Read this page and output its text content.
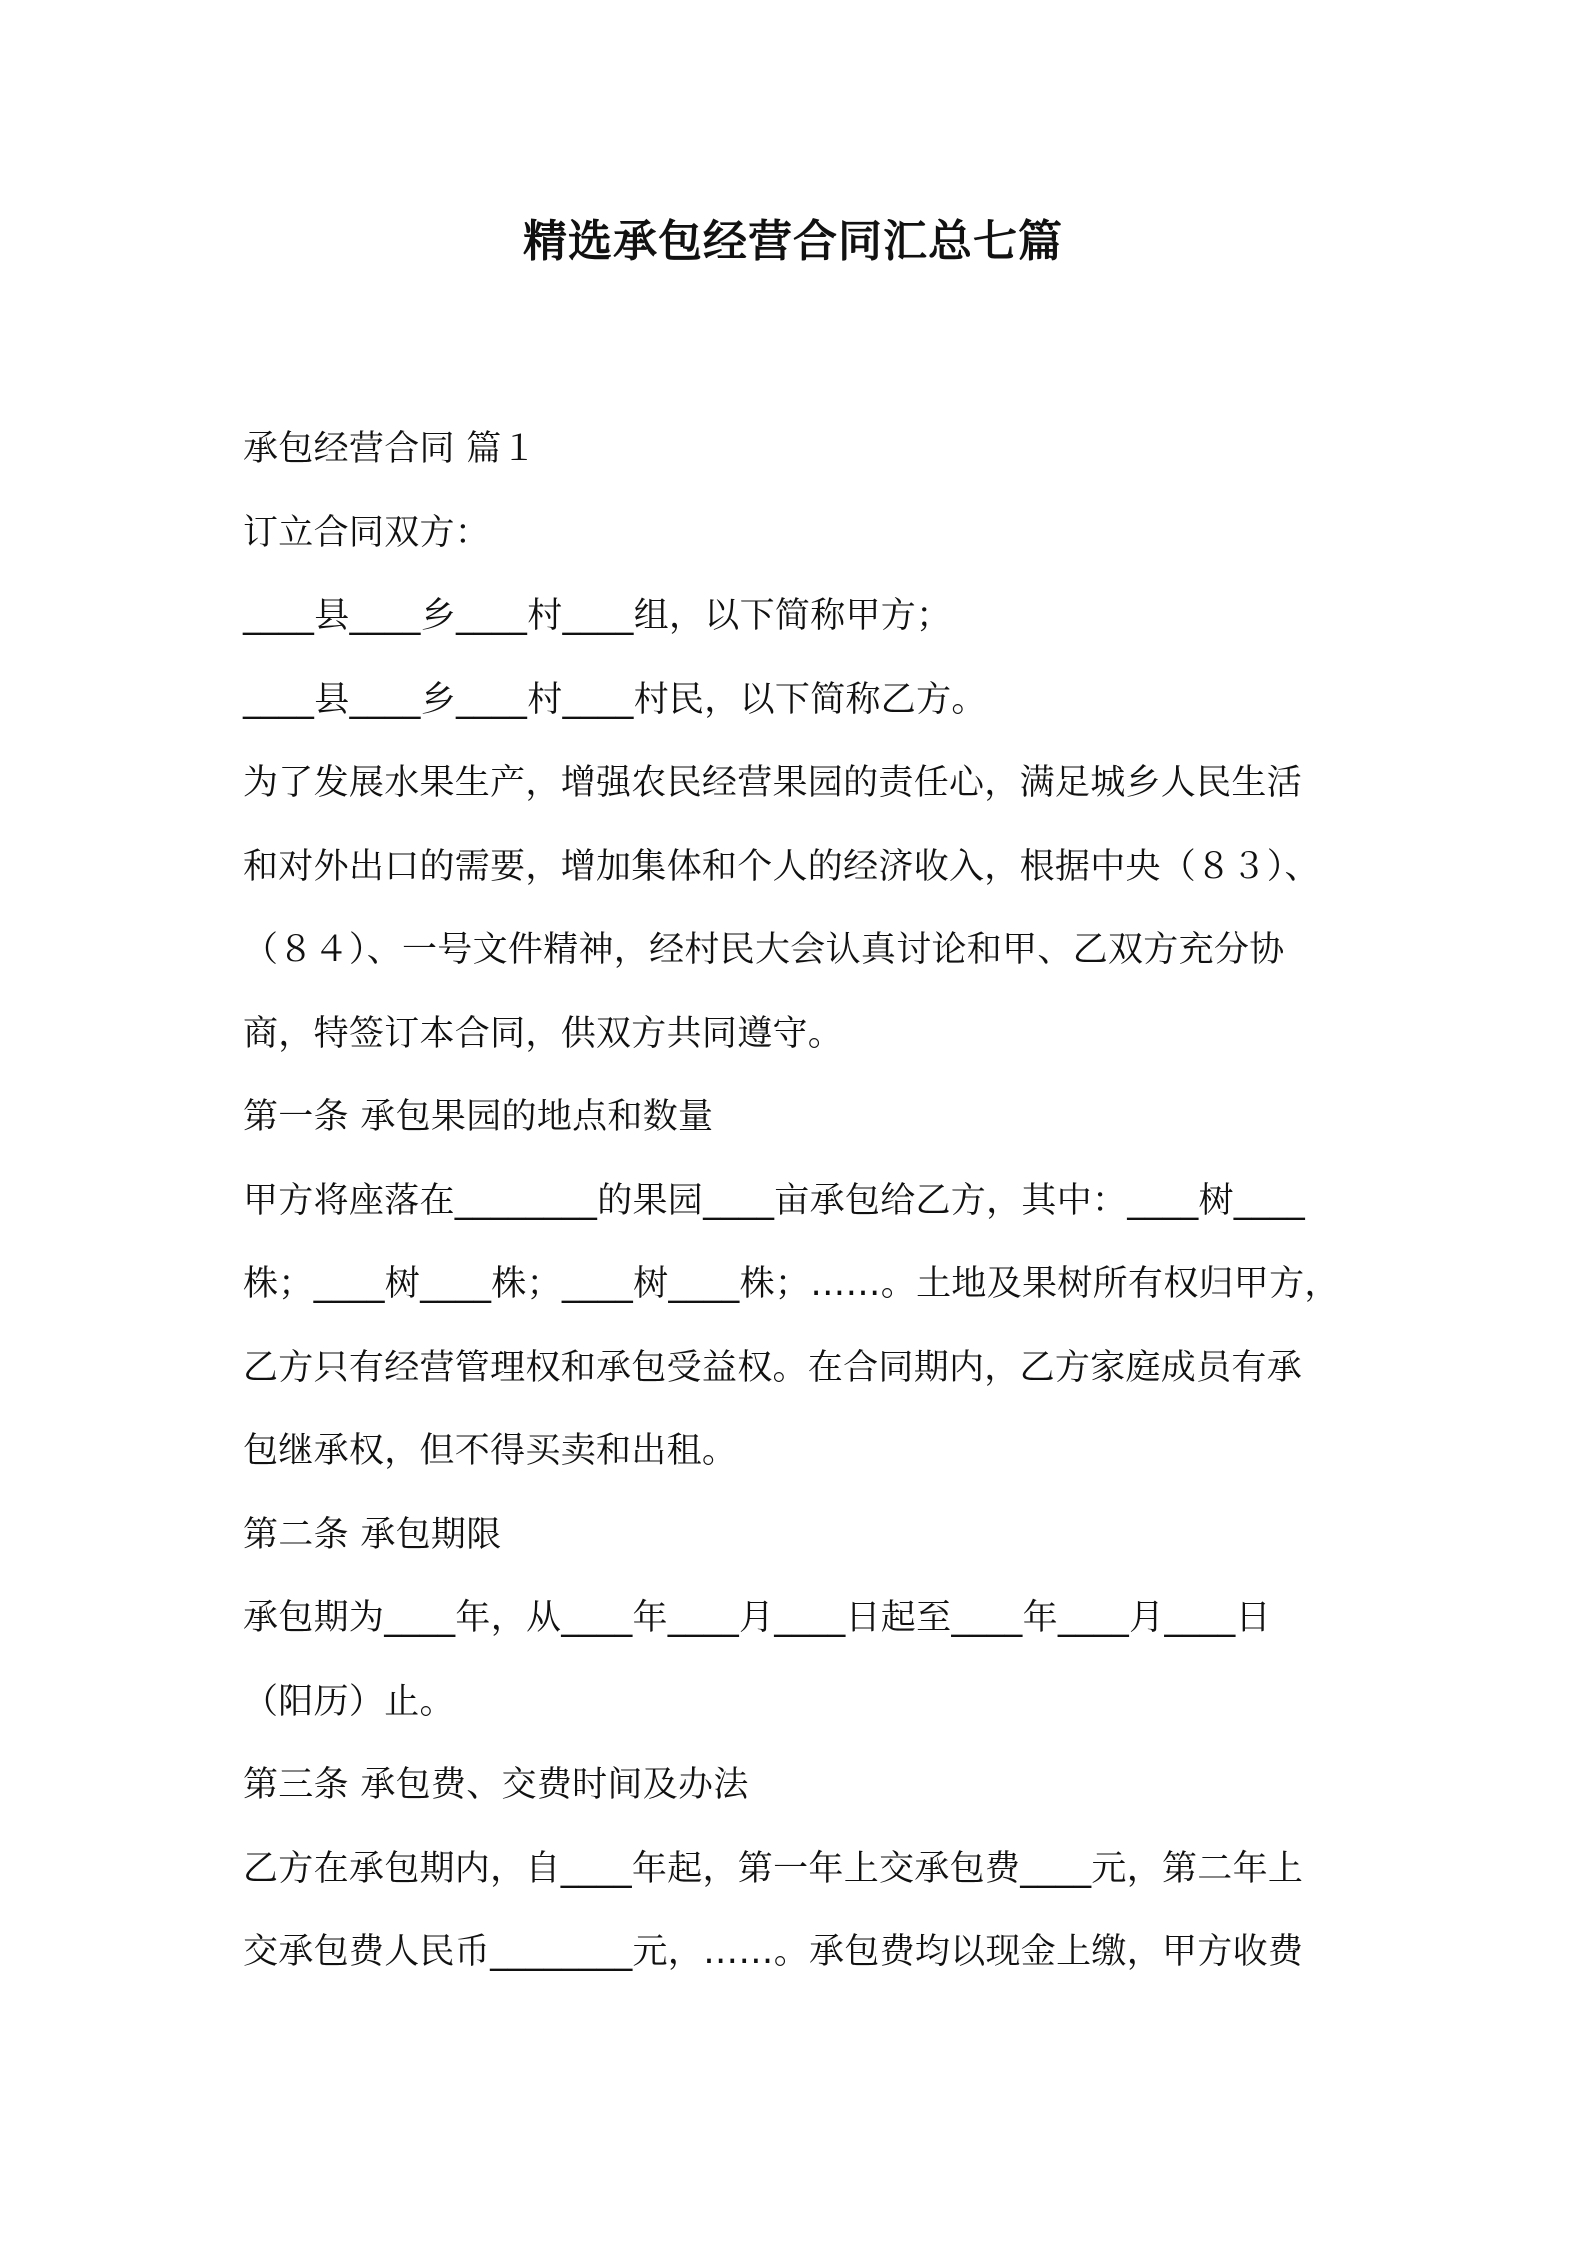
精选承包经营合同汇总七篇

承包经营合同 篇１

订立合同双方：

____县____乡____村____组，以下简称甲方；

____县____乡____村____村民，以下简称乙方。

为了发展水果生产，增强农民经营果园的责任心，满足城乡人民生活

和对外出口的需要，增加集体和个人的经济收入，根据中央（８３）、

（８４）、一号文件精神，经村民大会认真讨论和甲、乙双方充分协

商，特签订本合同，供双方共同遵守。

第一条 承包果园的地点和数量

甲方将座落在________的果园____亩承包给乙方，其中：____树____

株；____树____株；____树____株；……。土地及果树所有权归甲方，

乙方只有经营管理权和承包受益权。在合同期内，乙方家庭成员有承

包继承权，但不得买卖和出租。

第二条 承包期限

承包期为____年，从____年____月____日起至____年____月____日

（阳历）止。

第三条 承包费、交费时间及办法

乙方在承包期内，自____年起，第一年上交承包费____元，第二年上

交承包费人民币________元，……。承包费均以现金上缴，甲方收费
